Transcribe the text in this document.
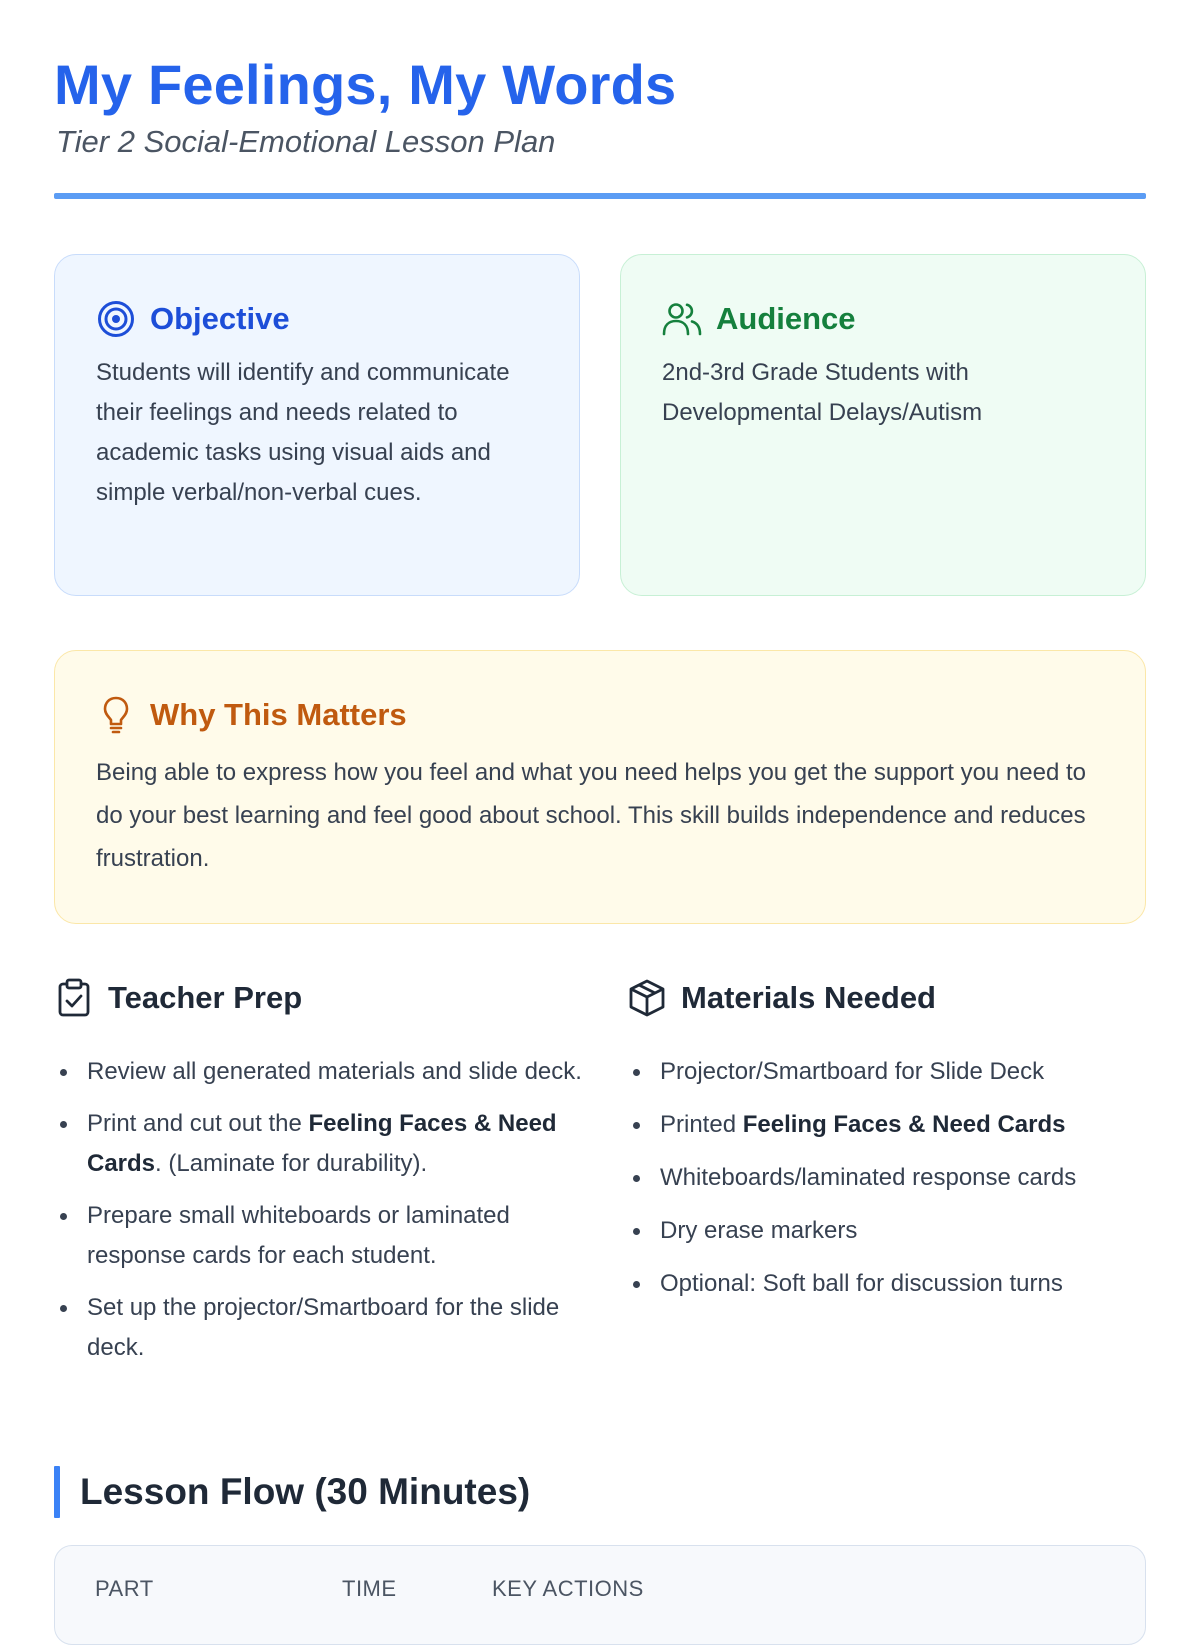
My Feelings, My Words
Tier 2 Social-Emotional Lesson Plan
Objective
Students will identify and communicate their feelings and needs related to academic tasks using visual aids and simple verbal/non-verbal cues.
Audience
2nd-3rd Grade Students with Developmental Delays/Autism
Why This Matters
Being able to express how you feel and what you need helps you get the support you need to do your best learning and feel good about school. This skill builds independence and reduces frustration.
Teacher Prep
Review all generated materials and slide deck.
Print and cut out the Feeling Faces & Need Cards. (Laminate for durability).
Prepare small whiteboards or laminated response cards for each student.
Set up the projector/Smartboard for the slide deck.
Materials Needed
Projector/Smartboard for Slide Deck
Printed Feeling Faces & Need Cards
Whiteboards/laminated response cards
Dry erase markers
Optional: Soft ball for discussion turns
Lesson Flow (30 Minutes)
PART	TIME	KEY ACTIONS
